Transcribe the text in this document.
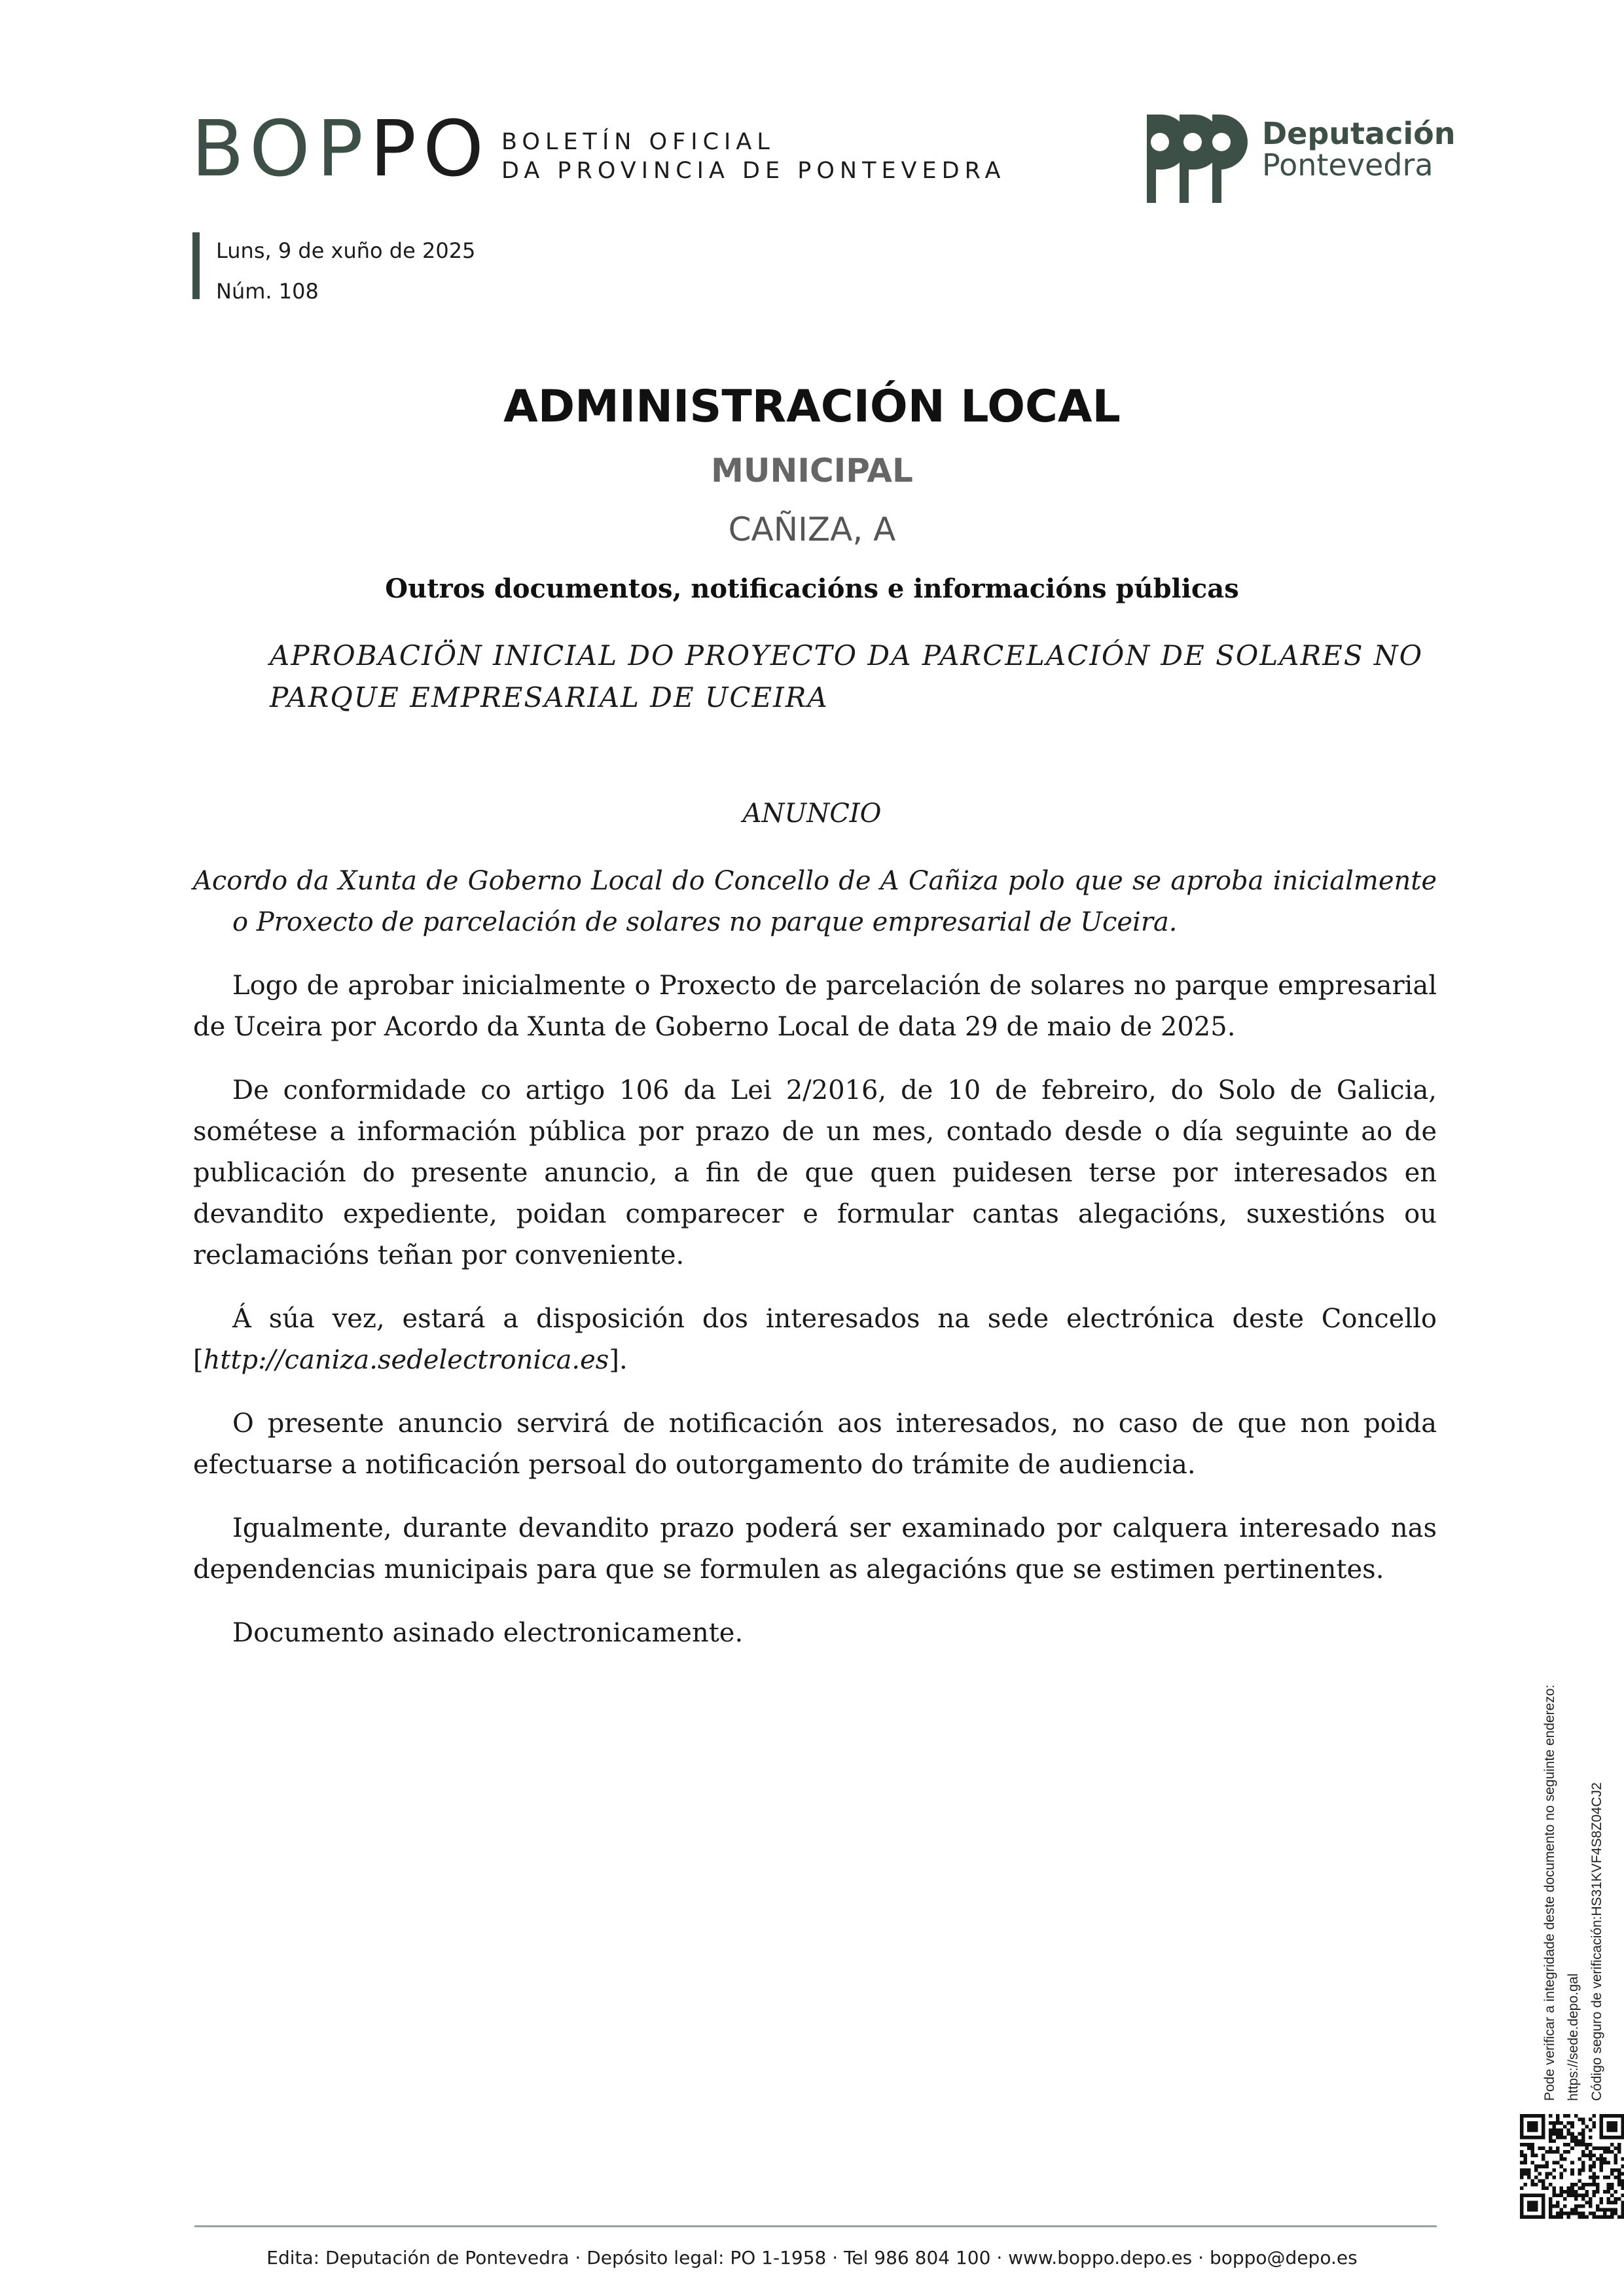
BOPPO BOLETÍN OFICIAL
DA PROVINCIA DE PONTEVEDRA
Deputación
Pontevedra
Luns, 9 de xuño de 2025
Núm. 108
ADMINISTRACIÓN LOCAL
MUNICIPAL
CAÑIZA, A
Outros documentos, notificacións e informacións públicas
APROBACIÖN INICIAL DO PROYECTO DA PARCELACIÓN DE SOLARES NO PARQUE EMPRESARIAL DE UCEIRA
ANUNCIO

Acordo da Xunta de Goberno Local do Concello de A Cañiza polo que se aproba inicialmente o Proxecto de parcelación de solares no parque empresarial de Uceira.

Logo de aprobar inicialmente o Proxecto de parcelación de solares no parque empresarial de Uceira por Acordo da Xunta de Goberno Local de data 29 de maio de 2025.

De conformidade co artigo 106 da Lei 2/2016, de 10 de febreiro, do Solo de Galicia, sométese a información pública por prazo de un mes, contado desde o día seguinte ao de publicación do presente anuncio, a fin de que quen puidesen terse por interesados en devandito expediente, poidan comparecer e formular cantas alegacións, suxestións ou reclamacións teñan por conveniente.

Á súa vez, estará a disposición dos interesados na sede electrónica deste Concello [http://caniza.sedelectronica.es].

O presente anuncio servirá de notificación aos interesados, no caso de que non poida efectuarse a notificación persoal do outorgamento do trámite de audiencia.

Igualmente, durante devandito prazo poderá ser examinado por calquera interesado nas dependencias municipais para que se formulen as alegacións que se estimen pertinentes.

Documento asinado electronicamente.

Pode verificar a integridade deste documento no seguinte enderezo: https://sede.depo.gal Código seguro de verificación:HS31KVF4S8Z04CJ2
Edita: Deputación de Pontevedra · Depósito legal: PO 1-1958 · Tel 986 804 100 · www.boppo.depo.es · boppo@depo.es
